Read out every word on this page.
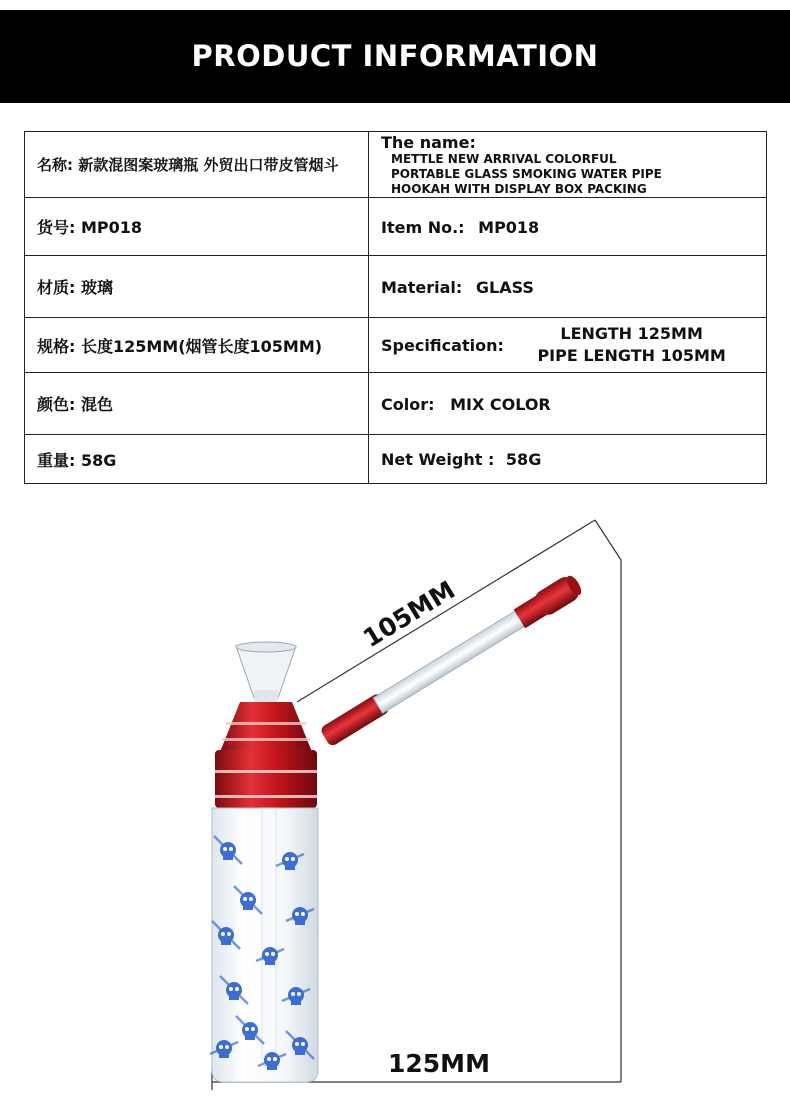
PRODUCT INFORMATION
名称: 新款混图案玻璃瓶 外贸出口带皮管烟斗	The name: METTLE NEW ARRIVAL COLORFUL PORTABLE GLASS SMOKING WATER PIPE HOOKAH WITH DISPLAY BOX PACKING
货号: MP018	Item No.: MP018
材质: 玻璃	Material: GLASS
规格: 长度125MM(烟管长度105MM)	Specification:
LENGTH 125MM
PIPE LENGTH 105MM

颜色: 混色	Color: MIX COLOR
重量: 58G	Net Weight : 58G
105MM
125MM
